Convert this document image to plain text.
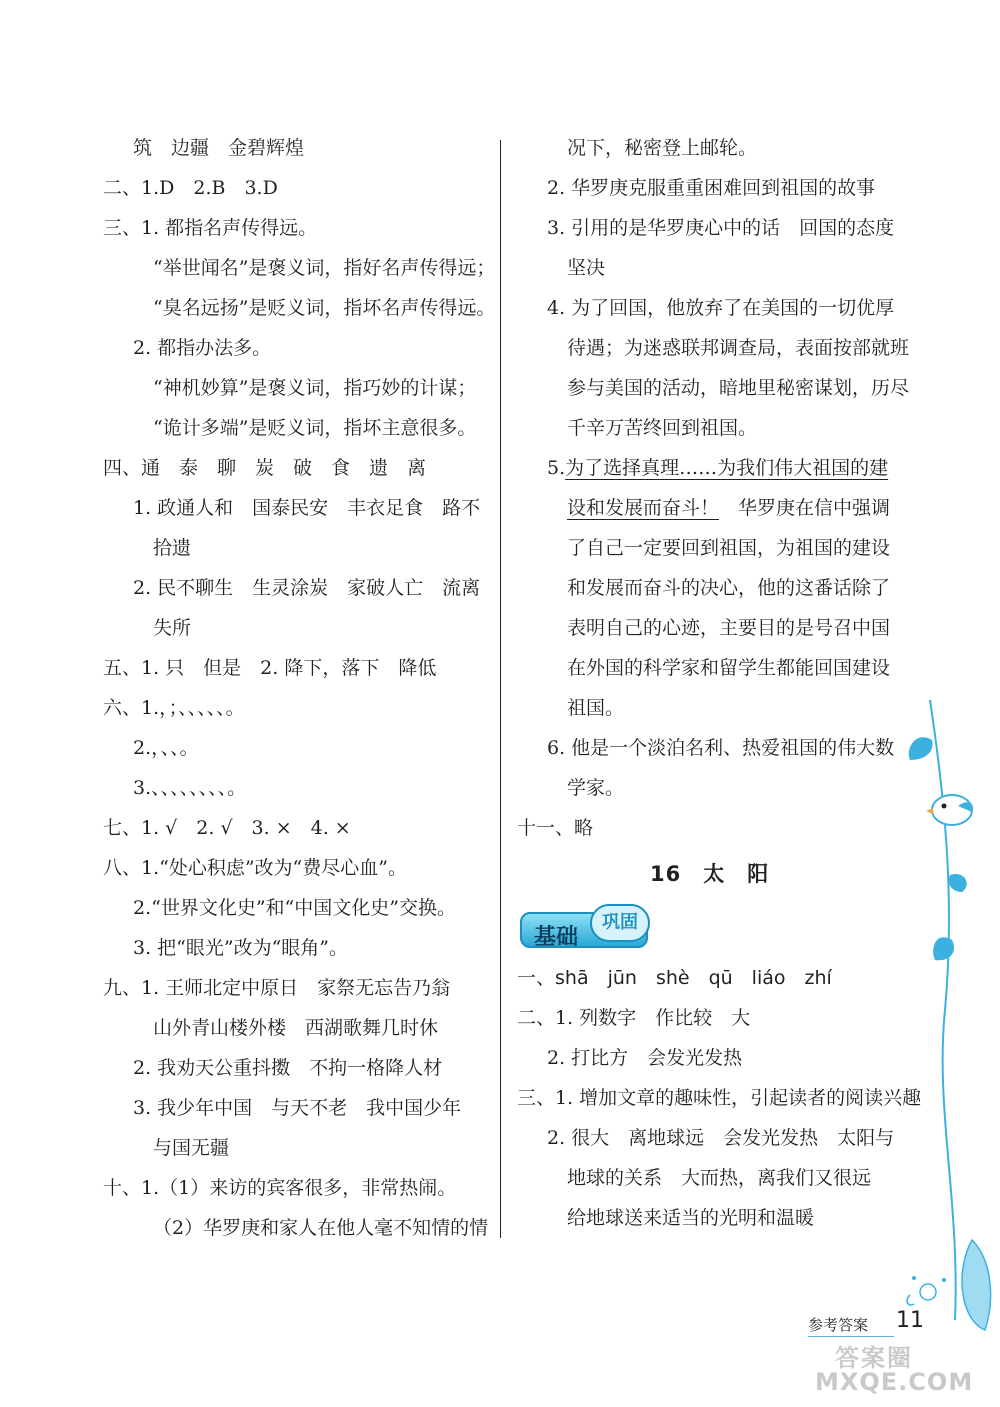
筑　边疆　金碧辉煌
二、1.D　2.B　3.D
三、1. 都指名声传得远。
“举世闻名”是褒义词，指好名声传得远；
“臭名远扬”是贬义词，指坏名声传得远。
2. 都指办法多。
“神机妙算”是褒义词，指巧妙的计谋；
“诡计多端”是贬义词，指坏主意很多。
四、通　泰　聊　炭　破　食　遗　离
1. 政通人和　国泰民安　丰衣足食　路不
拾遗
2. 民不聊生　生灵涂炭　家破人亡　流离
失所
五、1. 只　但是　2. 降下，落下　降低
六、1.，；、、、、、。
2.，、、。
3.、、、、、、、、。
七、1. √　2. √　3. ×　4. ×
八、1.“处心积虑”改为“费尽心血”。
2.“世界文化史”和“中国文化史”交换。
3. 把“眼光”改为“眼角”。
九、1. 王师北定中原日　家祭无忘告乃翁
山外青山楼外楼　西湖歌舞几时休
2. 我劝天公重抖擞　不拘一格降人材
3. 我少年中国　与天不老　我中国少年
与国无疆
十、1.（1）来访的宾客很多，非常热闹。
（2）华罗庚和家人在他人毫不知情的情
况下，秘密登上邮轮。
2. 华罗庚克服重重困难回到祖国的故事
3. 引用的是华罗庚心中的话　回国的态度
坚决
4. 为了回国，他放弃了在美国的一切优厚
待遇；为迷惑联邦调查局，表面按部就班
参与美国的活动，暗地里秘密谋划，历尽
千辛万苦终回到祖国。
5.为了选择真理……为我们伟大祖国的建
设和发展而奋斗！　华罗庚在信中强调
了自己一定要回到祖国，为祖国的建设
和发展而奋斗的决心，他的这番话除了
表明自己的心迹，主要目的是号召中国
在外国的科学家和留学生都能回国建设
祖国。
6. 他是一个淡泊名利、热爱祖国的伟大数
学家。
十一、略
16　太　阳
基础
巩固
一、shā　jūn　shè　qū　liáo　zhí
二、1. 列数字　作比较　大
2. 打比方　会发光发热
三、1. 增加文章的趣味性，引起读者的阅读兴趣
2. 很大　离地球远　会发光发热　太阳与
地球的关系　大而热，离我们又很远
给地球送来适当的光明和温暖
参考答案 11
答案圈
MXQE.COM
